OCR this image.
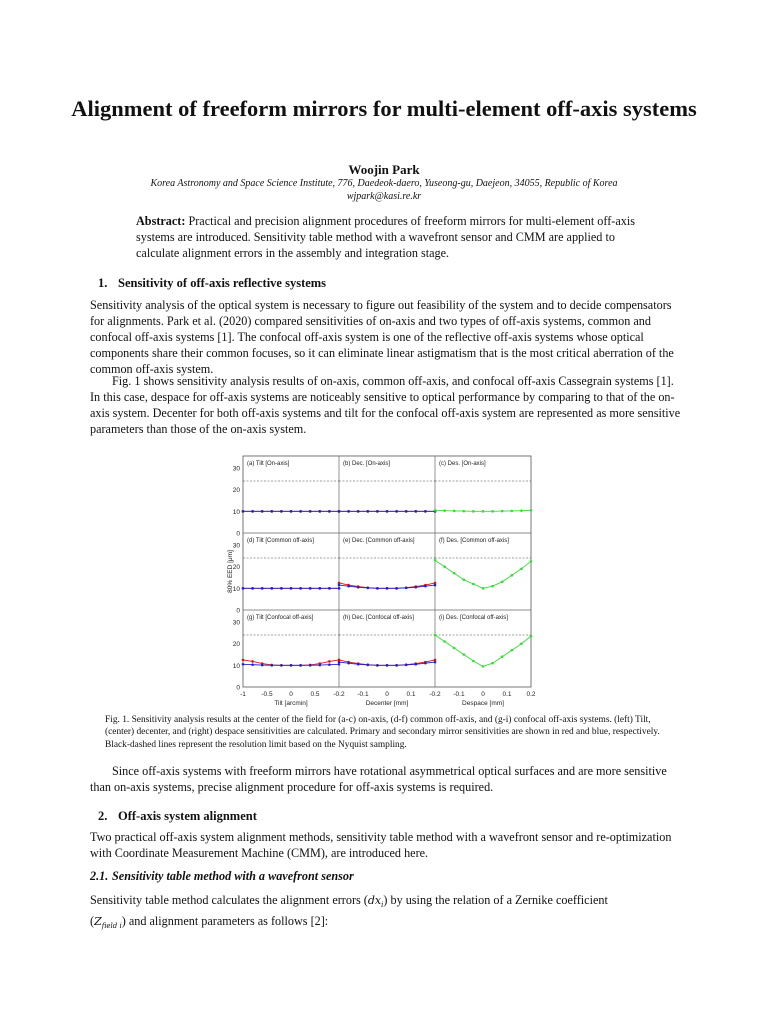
Alignment of freeform mirrors for multi-element off-axis systems

Woojin Park

Korea Astronomy and Space Science Institute, 776, Daedeok-daero, Yuseong-gu, Daejeon, 34055, Republic of Korea
wjpark@kasi.re.kr

Abstract: Practical and precision alignment procedures of freeform mirrors for multi-element off-axis systems are introduced. Sensitivity table method with a wavefront sensor and CMM are applied to calculate alignment errors in the assembly and integration stage.

1. Sensitivity of off-axis reflective systems

Sensitivity analysis of the optical system is necessary to figure out feasibility of the system and to decide compensators for alignments. Park et al. (2020) compared sensitivities of on-axis and two types of off-axis systems, common and confocal off-axis systems [1]. The confocal off-axis system is one of the reflective off-axis systems whose optical components share their common focuses, so it can eliminate linear astigmatism that is the most critical aberration of the common off-axis system.

Fig. 1 shows sensitivity analysis results of on-axis, common off-axis, and confocal off-axis Cassegrain systems [1]. In this case, despace for off-axis systems are noticeably sensitive to optical performance by comparing to that of the on-axis system. Decenter for both off-axis systems and tilt for the confocal off-axis system are represented as more sensitive parameters than those of the on-axis system.

0
10
20
30
0
10
20
30
0
10
20
30
(a) Tilt [On-axis]	(b) Dec. [On-axis]	(c) Des. [On-axis]
(d) Tilt [Common off-axis]	(e) Dec. [Common off-axis]	(f) Des. [Common off-axis]
(g) Tilt [Confocal off-axis]	(h) Dec. [Confocal off-axis]	(i) Des. [Confocal off-axis]
-1 -0.5	0	0.5
Tilt [arcmin]
-0.2 -0.1	0	0.1
Decenter [mm]
-0.2 -0.1	0	0.1 0.2
Despace [mm]
80% EED [μm]

Fig. 1. Sensitivity analysis results at the center of the field for (a-c) on-axis, (d-f) common off-axis, and (g-i) confocal off-axis systems. (left) Tilt, (center) decenter, and (right) despace sensitivities are calculated. Primary and secondary mirror sensitivities are shown in red and blue, respectively. Black-dashed lines represent the resolution limit based on the Nyquist sampling.

Since off-axis systems with freeform mirrors have rotational asymmetrical optical surfaces and are more sensitive than on-axis systems, precise alignment procedure for off-axis systems is required.

2. Off-axis system alignment

Two practical off-axis system alignment methods, sensitivity table method with a wavefront sensor and re-optimization with Coordinate Measurement Machine (CMM), are introduced here.

2.1. Sensitivity table method with a wavefront sensor

Sensitivity table method calculates the alignment errors $(dx_i)$ by using the relation of a Zernike coefficient
$(Z_{field i})$ and alignment parameters as follows [2]:
